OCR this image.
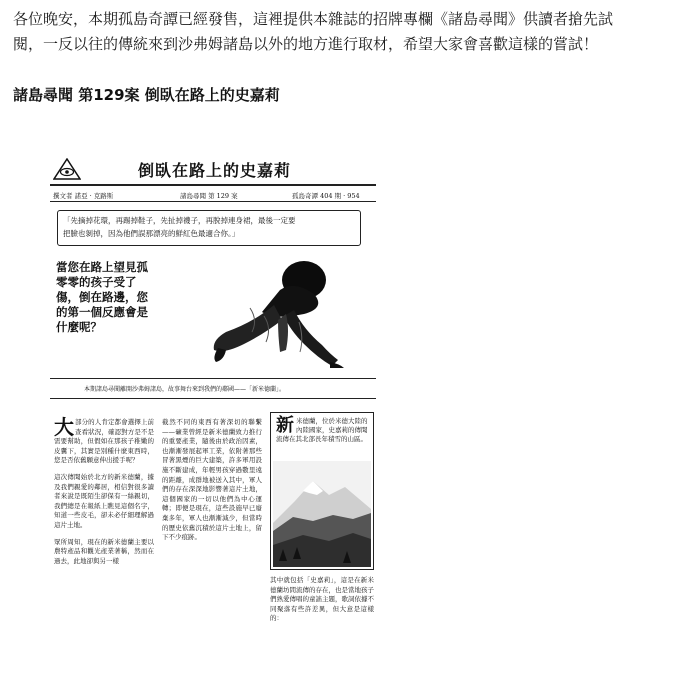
各位晚安，本期孤島奇譚已經發售，這裡提供本雜誌的招牌專欄《諸島尋聞》供讀者搶先試
閱，一反以往的傳統來到沙弗姆諸島以外的地方進行取材，希望大家會喜歡這樣的嘗試！
諸島尋聞 第129案 倒臥在路上的史嘉莉
倒臥在路上的史嘉莉
撰文者 諾亞 · 克路斯	諸島尋聞 第 129 案	孤島奇譚 404 期 · 954
「先摘掉花環，再踢掉鞋子，先扯掉襪子，再脫掉連身裙，最後一定要
把臉也剝掉，因為他們誤那漂亮的鮮紅色最適合你。」
當您在路上望見孤零零的孩子受了傷，倒在路邊，您的第一個反應會是什麼呢？
本期諸島尋聞離開沙弗姆諸島，故事舞台來到我們的鄰國——「新米德蘭」。
大 部分的人肯定都會選擇上前查看狀況，確認對方是不是需要幫助，但假如在那孩子稚嫩的皮囊下，其實是別種什麼東西時，您是否依舊願意伸出援手呢？
這次傳聞始於北方的新米德蘭，據及我們親愛的鄰居，相信對很多讀者來說是既陌生卻保有一絲親切，我們總是在報紙上瞧見這個名字，知道一些皮毛，卻未必仔細理解過這片土地。
眾所周知，現在的新米德蘭主要以農特產品和觀光產業著稱，然而在過去，此地卻與另一樣
截然不同的東西有著深切的聯繫——礦業曾經是新米德蘭致力推行的重要產業，隨後由於政治因素，也漸漸發展起軍工業，依附著那些冒著黑煙的巨大建築，許多軍用設施不斷建成，年輕男孩穿過數里遠的距離，成群地被送入其中，軍人們的存在深深地影響著這片土地，這個國家的一切以他們為中心運轉；即便是現在，這些設施早已廢棄多年，軍人也漸漸減少，但當時的歷史依舊沉積於這片土地上，留下不少痕跡。
新 米德蘭，位於米德大陸的內陸國家，史嘉莉的傳聞流傳在其北部長年積雪的山區。
其中就包括「史嘉莉」，這是在新米德蘭坊間流傳的存在，也是當地孩子們熟愛傳唱的童謠主題，歌詞依據不同聚落有些許差異，但大意是這樣的：
